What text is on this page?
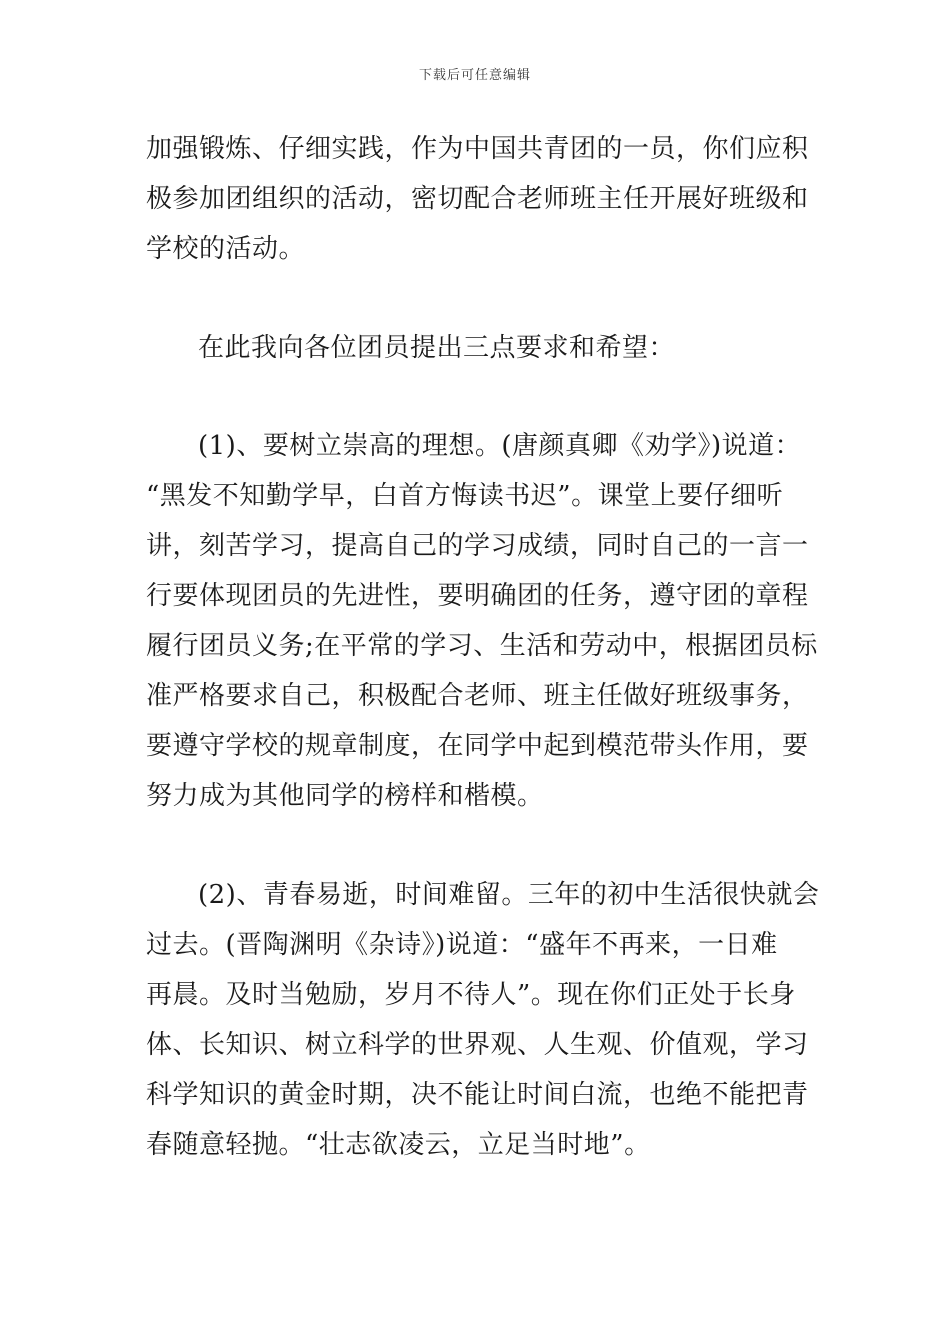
下载后可任意编辑
加强锻炼、仔细实践，作为中国共青团的一员，你们应积
极参加团组织的活动，密切配合老师班主任开展好班级和
学校的活动。
在此我向各位团员提出三点要求和希望：
(1)、要树立崇高的理想。(唐颜真卿《劝学》)说道：
“黑发不知勤学早，白首方悔读书迟”。课堂上要仔细听
讲，刻苦学习，提高自己的学习成绩，同时自己的一言一
行要体现团员的先进性，要明确团的任务，遵守团的章程
履行团员义务;在平常的学习、生活和劳动中，根据团员标
准严格要求自己，积极配合老师、班主任做好班级事务，
要遵守学校的规章制度，在同学中起到模范带头作用，要
努力成为其他同学的榜样和楷模。
(2)、青春易逝，时间难留。三年的初中生活很快就会
过去。(晋陶渊明《杂诗》)说道：“盛年不再来，一日难
再晨。及时当勉励，岁月不待人”。现在你们正处于长身
体、长知识、树立科学的世界观、人生观、价值观，学习
科学知识的黄金时期，决不能让时间白流，也绝不能把青
春随意轻抛。“壮志欲凌云，立足当时地”。
